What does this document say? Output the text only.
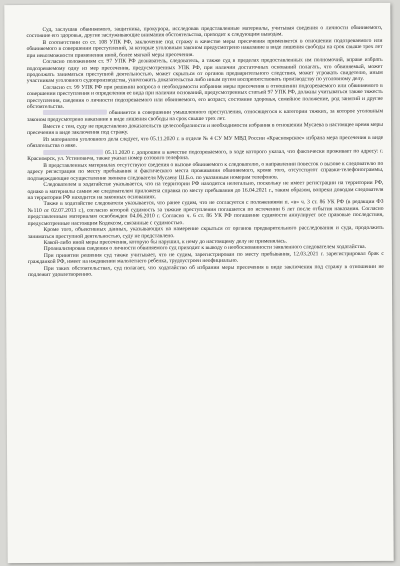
Суд, заслушав обвиняемого, защитника, прокурора, исследовав представленные материалы, учитывая сведения о личности обвиняемого, состояние его здоровья, другие заслуживающие внимания обстоятельства, приходит к следующим выводам.

В соответствии со ст. 108 УПК РФ, заключение под стражу в качестве меры пресечения применяется в отношении подозреваемого или обвиняемого в совершении преступлений, за которые уголовным законом предусмотрено наказание в виде лишения свободы на срок свыше трех лет при невозможности применения иной, более мягкой меры пресечения.

Согласно положениям ст. 97 УПК РФ дознаватель, следователь, а также суд в пределах предоставленных им полномочий, вправе избрать подозреваемому одну из мер пресечения, предусмотренных УПК РФ, при наличии достаточных оснований полагать, что обвиняемый, может продолжать заниматься преступной деятельностью, может скрыться от органов предварительного следствия, может угрожать свидетелю, иным участникам уголовного судопроизводства, уничтожить доказательства либо иным путем воспрепятствовать производству по уголовному делу.

Согласно ст. 99 УПК РФ при решении вопроса о необходимости избрания меры пресечения в отношении подозреваемого или обвиняемого в совершении преступления и определения ее вида при наличии оснований, предусмотренных статьей 97 УПК РФ, должны учитываться также тяжесть преступления, сведения о личности подозреваемого или обвиняемого, его возраст, состояние здоровья, семейное положение, род занятий и другие обстоятельства.

обвиняется в совершении умышленного преступления, относящегося к категории тяжких, за которое уголовным законом предусмотрено наказание в виде лишения свободы на срок свыше трех лет.

Вместе с тем, суду не представлено доказательств целесообразности и необходимости избрания в отношении Мусаева в настоящее время меры пресечения в виде заключения под стражу.

Из материалов уголовного дела следует, что 05.11.2020 г. в отделе № 4 СУ МУ МВД России «Красноярское» избрана мера пресечения в виде обязательства о явке.

05.11.2020 г. допрошен в качестве подозреваемого, в ходе которого указал, что фактически проживает по адресу: г. Красноярск, ул. Устиновича, также указал номер сотового телефона.

В представленных материалах отсутствуют сведения о вызове обвиняемого к следователю, о направлении повесток о вызове к следователю по адресу регистрации по месту пребывания и фактического места проживания обвиняемого, кроме того, отсутствуют справки-телефонограммы, подтверждающие осуществление звонков следователя Мусаеву Ш.Б.о. по указанным номерам телефонов.

Следователем в ходатайстве указывается, что на территории РФ находится нелегально, поскольку не имеет регистрации на территории РФ, однако в материалы самим же следователем приложена справка по месту пребывания до 16.04.2021 г., таким образом, вопреки доводам следователя на территории РФ находится на законных основаниях.

Также в ходатайстве следователя указывается, что ранее судим, что не согласуется с положениями п. «в» ч. 3 ст. 86 УК РФ (в редакции ФЗ №110 от 02.07.2013 г.), согласно которой судимость за тяжкие преступления погашается по истечении 6 лет после отбытия наказания. Согласно представленным материалам освобожден 04.06.2010 г. Согласно ч. 6 ст. 86 УК РФ погашение судимости аннулирует все правовые последствия, предусмотренные настоящим Кодексом, связанные с судимостью.

Кроме того, объективных данных, указывающих на намерение скрыться от органов предварительного расследования и суда, продолжить заниматься преступной деятельностью, суду не представлено.

Какой-либо иной меры пресечения, которую бы нарушил, к нему до настоящему делу не применялась.

Проанализировав сведения о личности обвиняемого суд приходит к выводу о необоснованности заявленного следователем ходатайства.

При принятии решения суд также учитывает, что не судим, зарегистрирован по месту пребывания, 12.03.2021 г. зарегистрировал брак с гражданкой РФ, имеет на иждивении малолетнего ребенка, трудоустроен неофициально.

При таких обстоятельствах, суд полагает, что ходатайство об избрании меры пресечения в виде заключения под стражу в отношении не подлежит удовлетворению.
